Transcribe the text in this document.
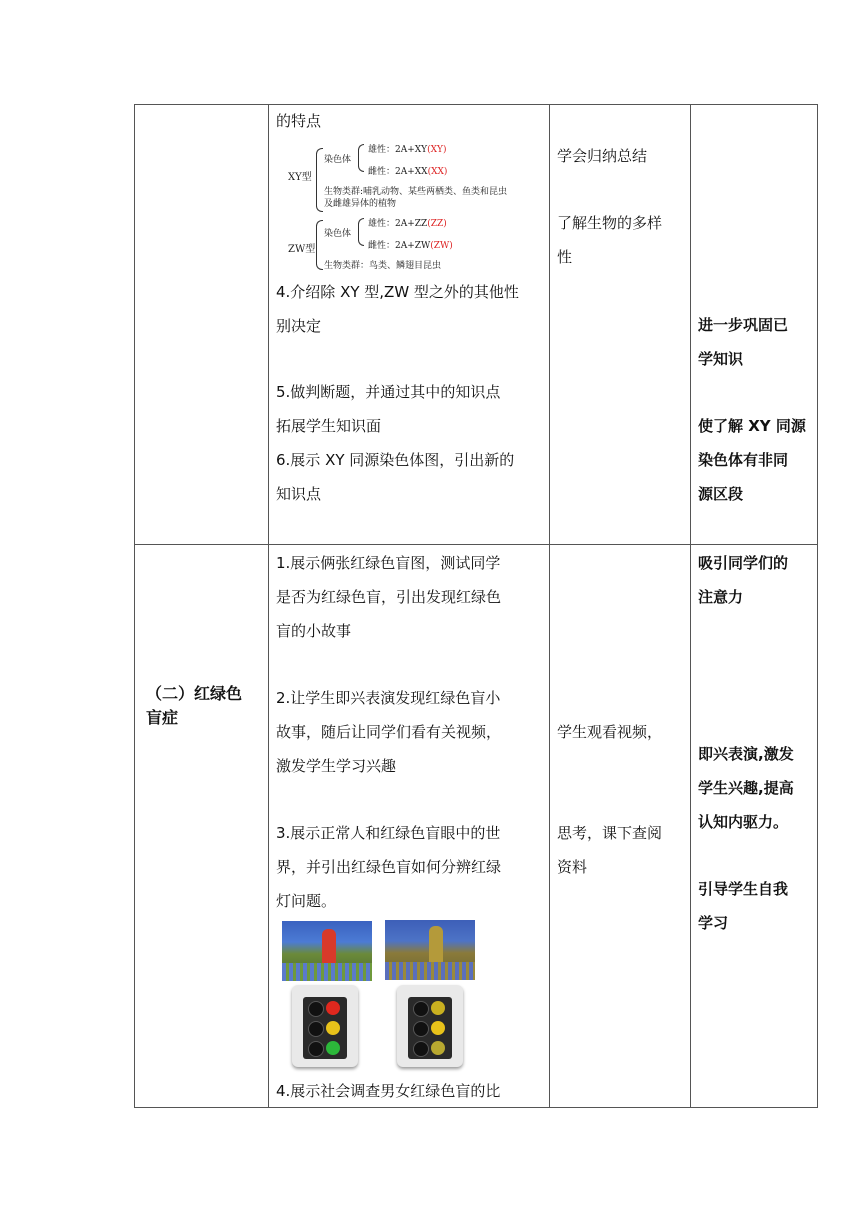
的特点
XY型
染色体
雄性：2A+XY(XY)
雌性：2A+XX(XX)
生物类群:哺乳动物、某些两栖类、鱼类和昆虫
及雌雄异体的植物
ZW型
染色体
雄性：2A+ZZ(ZZ)
雌性：2A+ZW(ZW)
生物类群：鸟类、鳞翅目昆虫
4.介绍除 XY 型,ZW 型之外的其他性
别决定
5.做判断题，并通过其中的知识点
拓展学生知识面
6.展示 XY 同源染色体图，引出新的
知识点
学会归纳总结
了解生物的多样
性
进一步巩固已
学知识
使了解 XY 同源
染色体有非同
源区段
（二）红绿色
盲症
1.展示俩张红绿色盲图，测试同学
是否为红绿色盲，引出发现红绿色
盲的小故事
2.让学生即兴表演发现红绿色盲小
故事，随后让同学们看有关视频，
激发学生学习兴趣
3.展示正常人和红绿色盲眼中的世
界，并引出红绿色盲如何分辨红绿
灯问题。
4.展示社会调查男女红绿色盲的比
学生观看视频，
思考，课下查阅
资料
吸引同学们的
注意力
即兴表演,激发
学生兴趣,提高
认知内驱力。
引导学生自我
学习
